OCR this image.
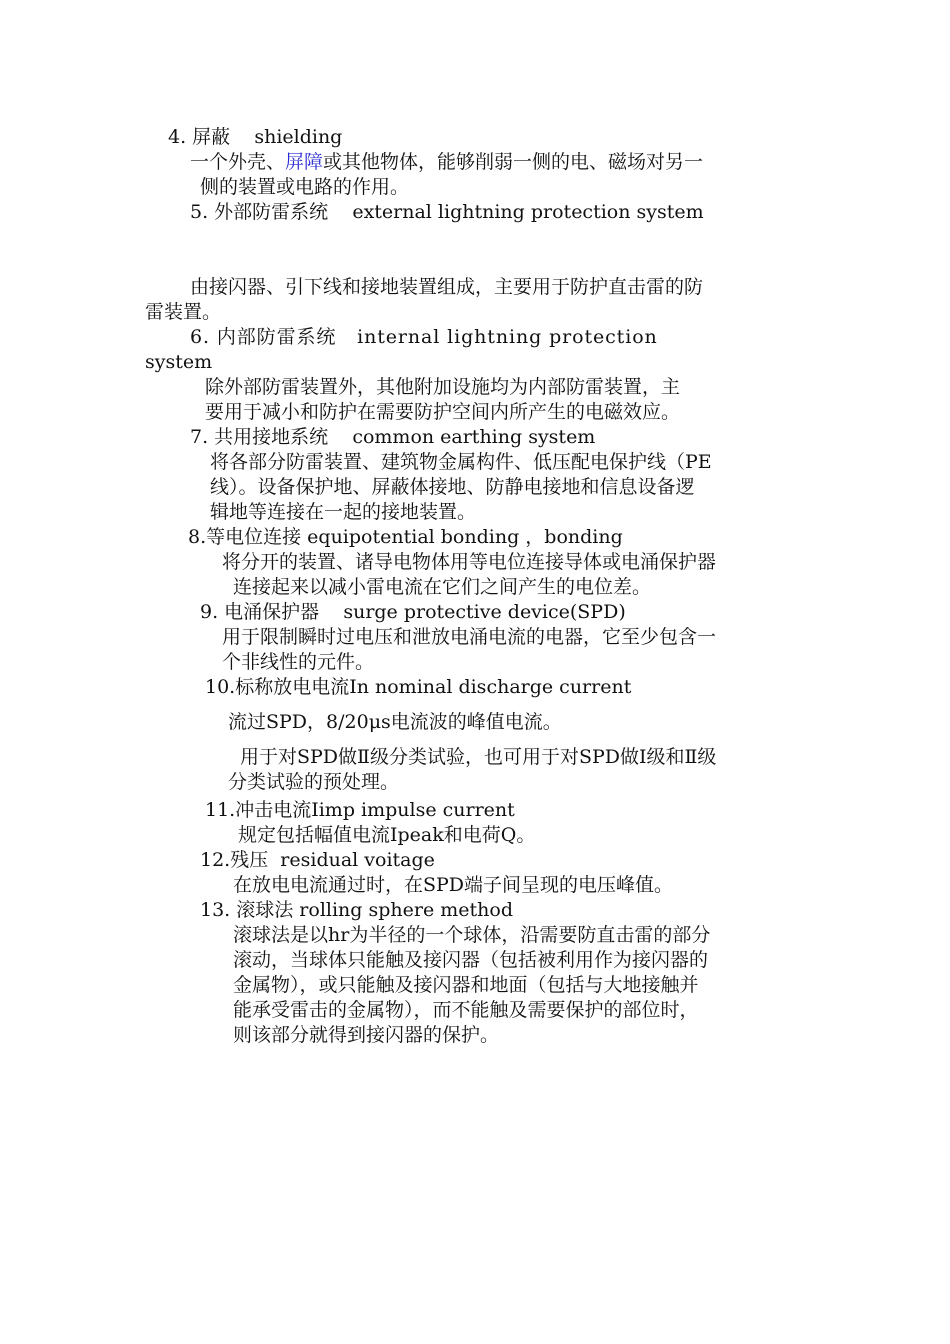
4. 屏蔽    shielding
一个外壳、屏障或其他物体，能够削弱一侧的电、磁场对另一
侧的装置或电路的作用。
5. 外部防雷系统    external lightning protection system
由接闪器、引下线和接地装置组成，主要用于防护直击雷的防
雷装置。
6. 内部防雷系统   internal lightning protection
system
除外部防雷装置外，其他附加设施均为内部防雷装置，主
要用于减小和防护在需要防护空间内所产生的电磁效应。
7. 共用接地系统    common earthing system
将各部分防雷装置、建筑物金属构件、低压配电保护线（PE
线）。设备保护地、屏蔽体接地、防静电接地和信息设备逻
辑地等连接在一起的接地装置。
8.等电位连接 equipotential bonding ，bonding
将分开的装置、诸导电物体用等电位连接导体或电涌保护器
连接起来以减小雷电流在它们之间产生的电位差。
9. 电涌保护器    surge protective device(SPD)
用于限制瞬时过电压和泄放电涌电流的电器，它至少包含一
个非线性的元件。
10.标称放电电流In nominal discharge current
流过SPD，8/20μs电流波的峰值电流。
用于对SPD做Ⅱ级分类试验，也可用于对SPD做Ⅰ级和Ⅱ级
分类试验的预处理。
11.冲击电流Iimp impulse current
规定包括幅值电流Ipeak和电荷Q。
12.残压  residual voitage
在放电电流通过时，在SPD端子间呈现的电压峰值。
13. 滚球法 rolling sphere method
滚球法是以hr为半径的一个球体，沿需要防直击雷的部分
滚动，当球体只能触及接闪器（包括被利用作为接闪器的
金属物），或只能触及接闪器和地面（包括与大地接触并
能承受雷击的金属物），而不能触及需要保护的部位时，
则该部分就得到接闪器的保护。
